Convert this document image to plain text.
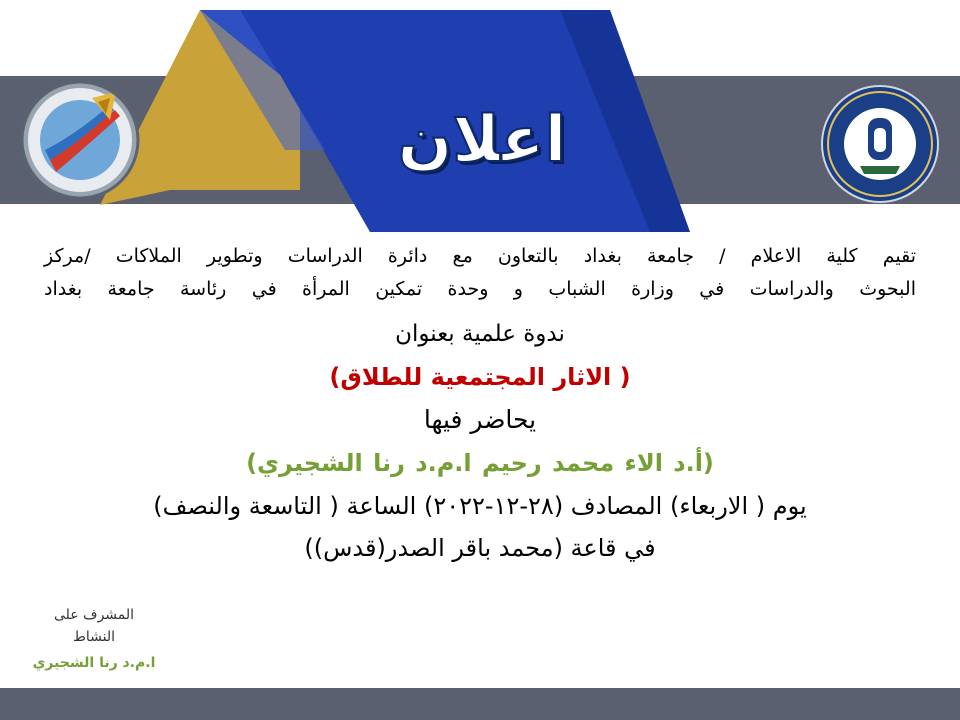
اعلان
تقيم كلية الاعلام / جامعة بغداد بالتعاون مع دائرة الدراسات وتطوير الملاكات /مركز
البحوث والدراسات في وزارة الشباب و وحدة تمكين المرأة في رئاسة جامعة بغداد
ندوة علمية بعنوان
( الاثار المجتمعية للطلاق)
يحاضر فيها
(أ.د الاء محمد رحيم ا.م.د رنا الشجيري)
يوم ( الاربعاء) المصادف (٢٨-١٢-٢٠٢٢) الساعة ( التاسعة والنصف)
في قاعة (محمد باقر الصدر(قدس))
المشرف على
النشاط
ا.م.د رنا الشجيري
